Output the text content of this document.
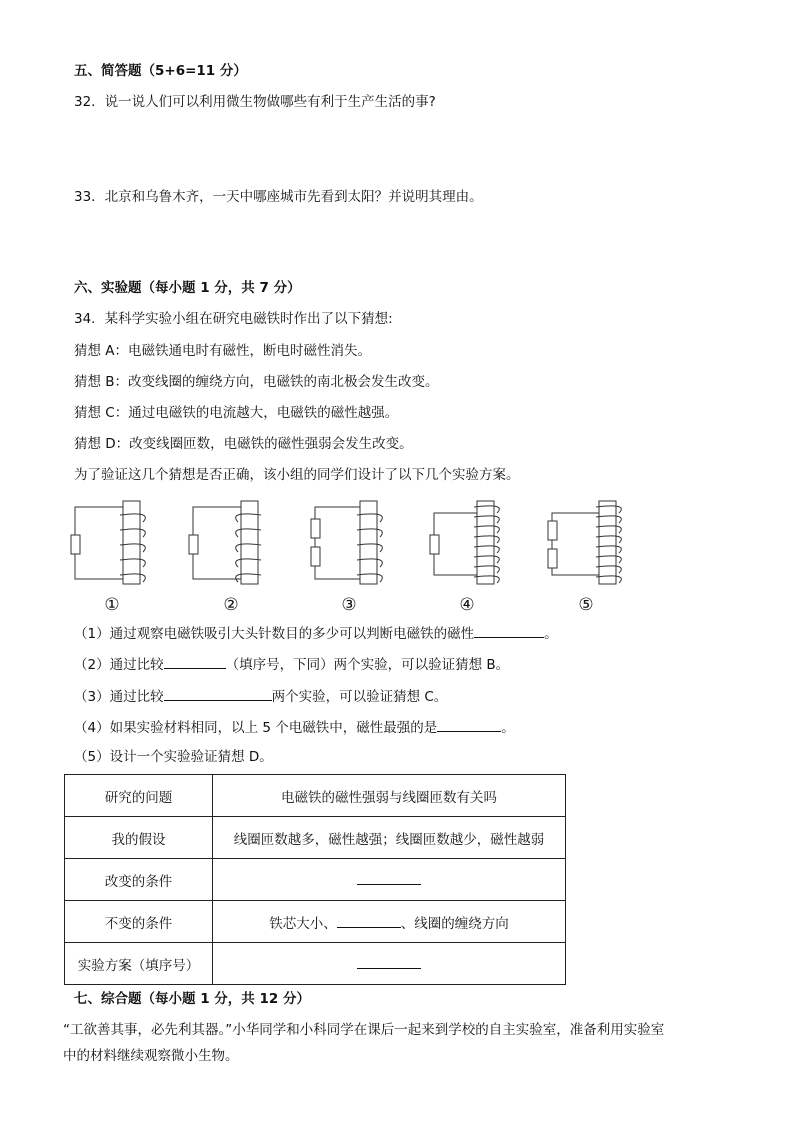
五、简答题（5+6=11 分）
32．说一说人们可以利用微生物做哪些有利于生产生活的事?
33．北京和乌鲁木齐，一天中哪座城市先看到太阳？并说明其理由。
六、实验题（每小题 1 分，共 7 分）
34．某科学实验小组在研究电磁铁时作出了以下猜想:
猜想 A：电磁铁通电时有磁性，断电时磁性消失。
猜想 B：改变线圈的缠绕方向，电磁铁的南北极会发生改变。
猜想 C：通过电磁铁的电流越大，电磁铁的磁性越强。
猜想 D：改变线圈匝数，电磁铁的磁性强弱会发生改变。
为了验证这几个猜想是否正确，该小组的同学们设计了以下几个实验方案。
①	②	③	④	⑤
（1）通过观察电磁铁吸引大头针数目的多少可以判断电磁铁的磁性	。
（2）通过比较	（填序号，下同）两个实验，可以验证猜想 B。
（3）通过比较	两个实验，可以验证猜想 C。
（4）如果实验材料相同，以上 5 个电磁铁中，磁性最强的是	。
（5）设计一个实验验证猜想 D。
研究的问题	电磁铁的磁性强弱与线圈匝数有关吗
我的假设	线圈匝数越多，磁性越强；线圈匝数越少，磁性越弱
改变的条件	
不变的条件	铁芯大小、 、线圈的缠绕方向
实验方案（填序号）	
七、综合题（每小题 1 分，共 12 分）
“工欲善其事，必先利其器。”小华同学和小科同学在课后一起来到学校的自主实验室，准备利用实验室
中的材料继续观察微小生物。
